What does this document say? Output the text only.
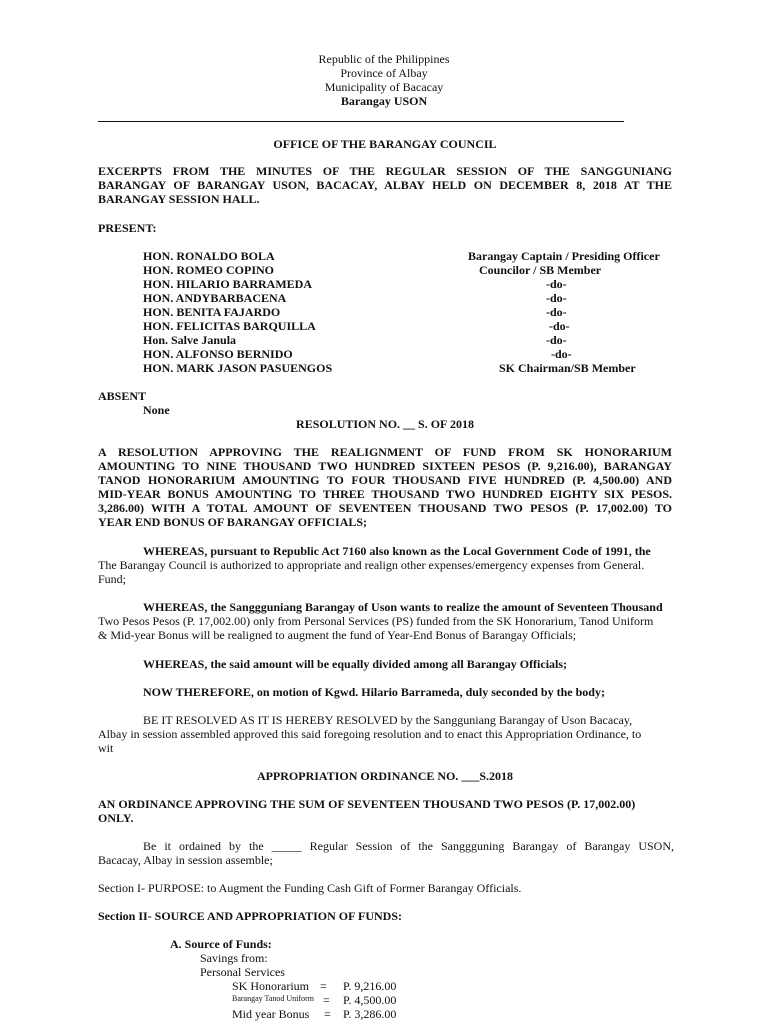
Republic of the Philippines
Province of Albay
Municipality of Bacacay
Barangay USON
OFFICE OF THE BARANGAY COUNCIL
EXCERPTS FROM THE MINUTES OF THE REGULAR SESSION OF THE SANGGUNIANG
BARANGAY OF BARANGAY USON, BACACAY, ALBAY HELD ON DECEMBER 8, 2018 AT THE
BARANGAY SESSION HALL.
PRESENT:
HON. RONALDO BOLA	Barangay Captain / Presiding Officer
HON. ROMEO COPINO	Councilor / SB Member
HON. HILARIO BARRAMEDA	-do-
HON. ANDYBARBACENA	-do-
HON. BENITA FAJARDO	-do-
HON. FELICITAS BARQUILLA	-do-
Hon. Salve Janula	-do-
HON. ALFONSO BERNIDO	-do-
HON. MARK JASON PASUENGOS	SK Chairman/SB Member
ABSENT
None
RESOLUTION NO. __ S. OF 2018
A RESOLUTION APPROVING THE REALIGNMENT OF FUND FROM SK HONORARIUM
AMOUNTING TO NINE THOUSAND TWO HUNDRED SIXTEEN PESOS (P. 9,216.00), BARANGAY
TANOD HONORARIUM AMOUNTING TO FOUR THOUSAND FIVE HUNDRED (P. 4,500.00) AND
MID-YEAR BONUS AMOUNTING TO THREE THOUSAND TWO HUNDRED EIGHTY SIX PESOS.
3,286.00) WITH A TOTAL AMOUNT OF SEVENTEEN THOUSAND TWO PESOS (P. 17,002.00) TO
YEAR END BONUS OF BARANGAY OFFICIALS;
WHEREAS, pursuant to Republic Act 7160 also known as the Local Government Code of 1991, the
The Barangay Council is authorized to appropriate and realign other expenses/emergency expenses from General.
Fund;
WHEREAS, the Sanggguniang Barangay of Uson wants to realize the amount of Seventeen Thousand
Two Pesos Pesos (P. 17,002.00) only from Personal Services (PS) funded from the SK Honorarium, Tanod Uniform
& Mid-year Bonus will be realigned to augment the fund of Year-End Bonus of Barangay Officials;
WHEREAS, the said amount will be equally divided among all Barangay Officials;
NOW THEREFORE, on motion of Kgwd. Hilario Barrameda, duly seconded by the body;
BE IT RESOLVED AS IT IS HEREBY RESOLVED by the Sangguniang Barangay of Uson Bacacay,
Albay in session assembled approved this said foregoing resolution and to enact this Appropriation Ordinance, to
wit
APPROPRIATION ORDINANCE NO. ___S.2018
AN ORDINANCE APPROVING THE SUM OF SEVENTEEN THOUSAND TWO PESOS (P. 17,002.00)
ONLY.
Be it ordained by the _____ Regular Session of the Sanggguning Barangay of Barangay USON,
Bacacay, Albay in session assemble;
Section I- PURPOSE: to Augment the Funding Cash Gift of Former Barangay Officials.
Section II- SOURCE AND APPROPRIATION OF FUNDS:
A. Source of Funds:
Savings from:
Personal Services
SK Honorarium = P. 9,216.00
Barangay Tanod Uniform = P. 4,500.00
Mid year Bonus = P. 3,286.00
